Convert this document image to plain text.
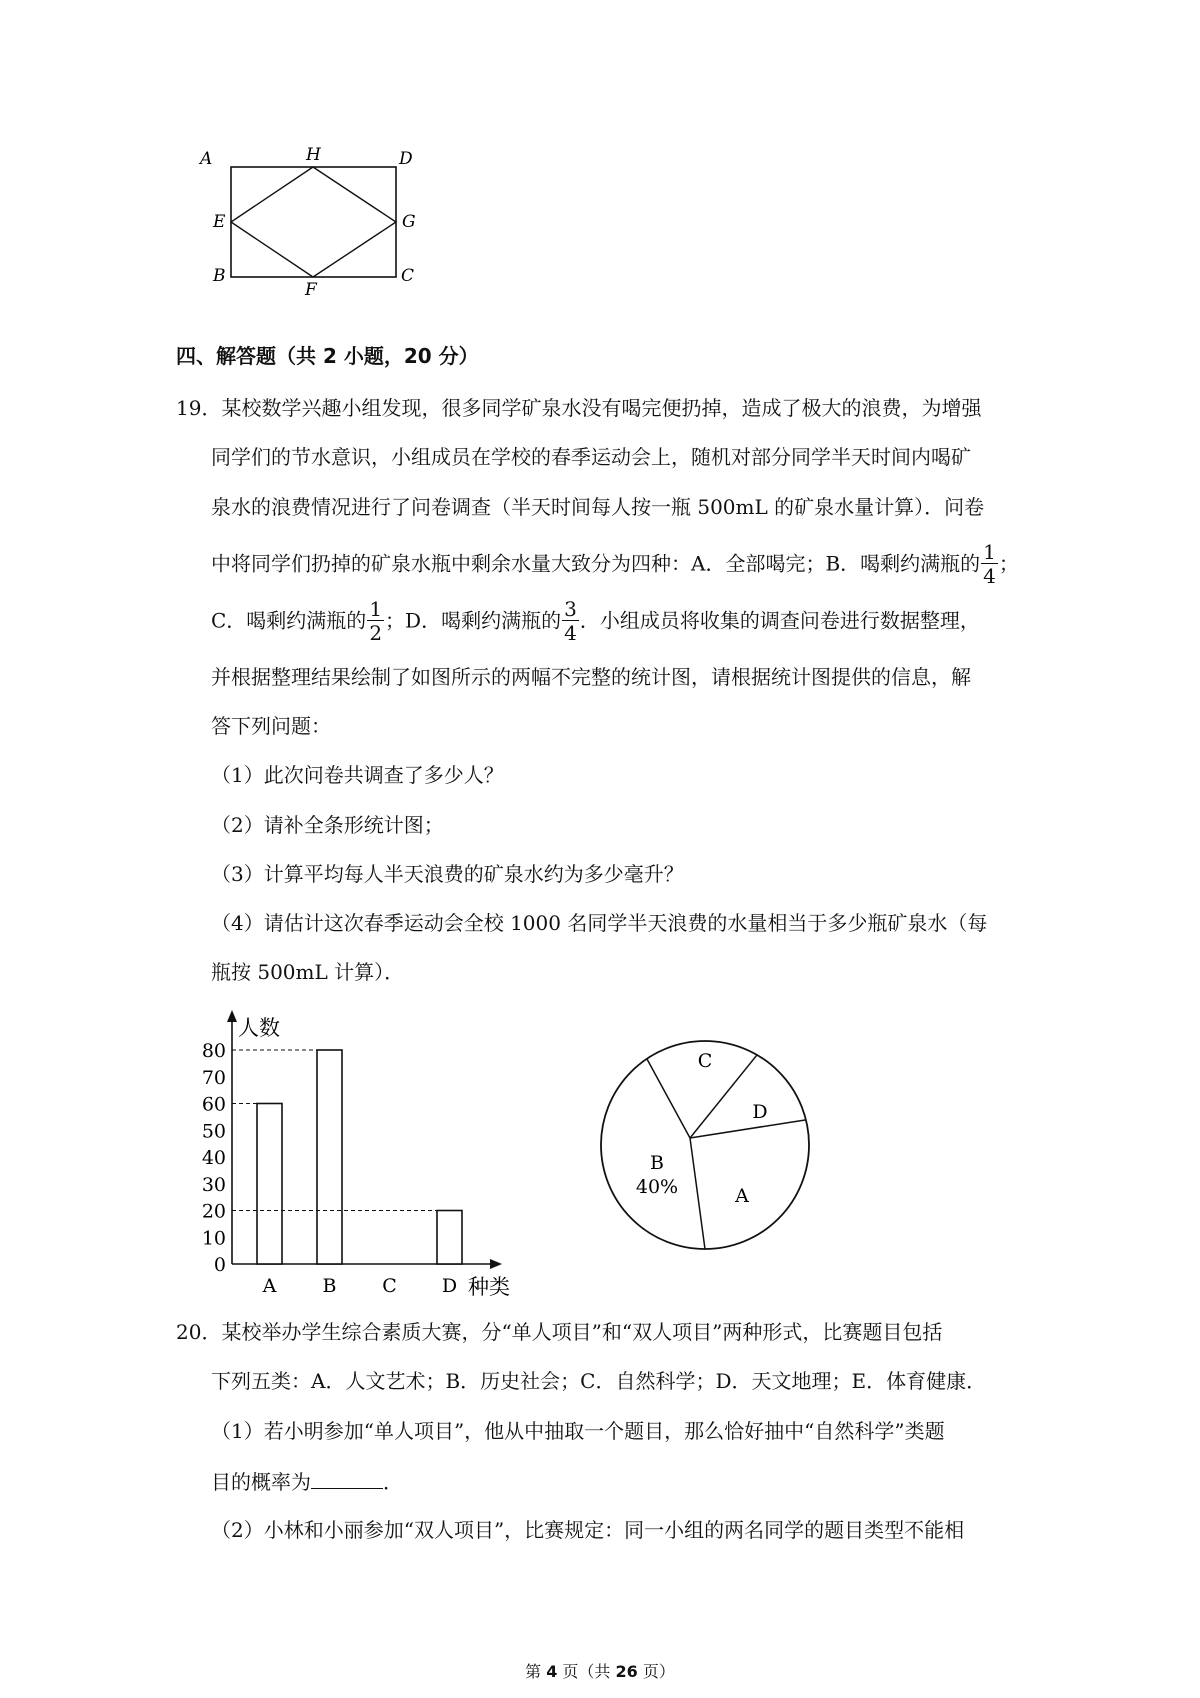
A	H	D
E	G
B
F
C
四、解答题（共 2 小题，20 分）
19．某校数学兴趣小组发现，很多同学矿泉水没有喝完便扔掉，造成了极大的浪费，为增强
同学们的节水意识，小组成员在学校的春季运动会上，随机对部分同学半天时间内喝矿
泉水的浪费情况进行了问卷调查（半天时间每人按一瓶 500mL 的矿泉水量计算）．问卷
中将同学们扔掉的矿泉水瓶中剩余水量大致分为四种：A．全部喝完；B．喝剩约满瓶的 $\frac{1}{4}$ ；
C．喝剩约满瓶的 $\frac{1}{2}$ ；D．喝剩约满瓶的 $\frac{3}{4}$ ．小组成员将收集的调查问卷进行数据整理，
并根据整理结果绘制了如图所示的两幅不完整的统计图，请根据统计图提供的信息，解
答下列问题：
（1）此次问卷共调查了多少人？
（2）请补全条形统计图；
（3）计算平均每人半天浪费的矿泉水约为多少毫升？
（4）请估计这次春季运动会全校 1000 名同学半天浪费的水量相当于多少瓶矿泉水（每
瓶按 500mL 计算）．
0
10
20
30
40
50
60
70
80
人数
种类
A B C D
C
D
A
B
40%
20．某校举办学生综合素质大赛，分“单人项目”和“双人项目”两种形式，比赛题目包括
下列五类：A．人文艺术；B．历史社会；C．自然科学；D．天文地理；E．体育健康．
（1）若小明参加“单人项目”，他从中抽取一个题目，那么恰好抽中“自然科学”类题
目的概率为	．
（2）小林和小丽参加“双人项目”，比赛规定：同一小组的两名同学的题目类型不能相
第 4 页（共 26 页）
